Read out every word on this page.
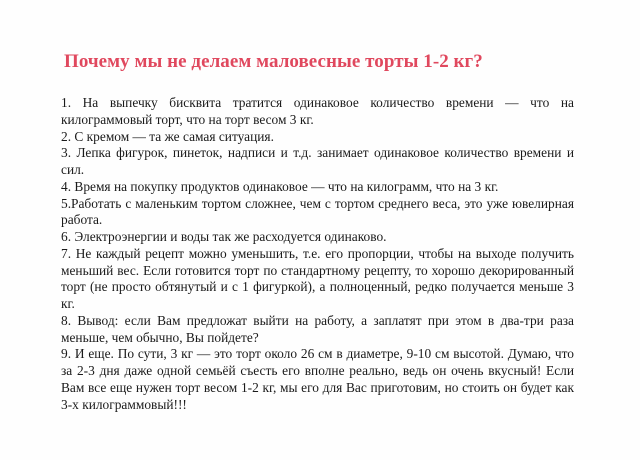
Почему мы не делаем маловесные торты 1-2 кг?

1. На выпечку бисквита тратится одинаковое количество времени — что на килограммовый торт, что на торт весом 3 кг.

2. С кремом — та же самая ситуация.

3. Лепка фигурок, пинеток, надписи и т.д. занимает одинаковое количество времени и сил.

4. Время на покупку продуктов одинаковое — что на килограмм, что на 3 кг.

5.Работать с маленьким тортом сложнее, чем с тортом среднего веса, это уже ювелирная работа.

6. Электроэнергии и воды так же расходуется одинаково.

7. Не каждый рецепт можно уменьшить, т.е. его пропорции, чтобы на выходе получить меньший вес. Если готовится торт по стандартному рецепту, то хорошо декорированный торт (не просто обтянутый и с 1 фигуркой), а полноценный, редко получается меньше 3 кг.

8. Вывод: если Вам предложат выйти на работу, а заплатят при этом в два-три раза меньше, чем обычно, Вы пойдете?

9. И еще. По сути, 3 кг — это торт около 26 см в диаметре, 9-10 см высотой. Думаю, что за 2-3 дня даже одной семьёй съесть его вполне реально, ведь он очень вкусный! Если Вам все еще нужен торт весом 1-2 кг, мы его для Вас приготовим, но стоить он будет как 3-х килограммовый!!!
